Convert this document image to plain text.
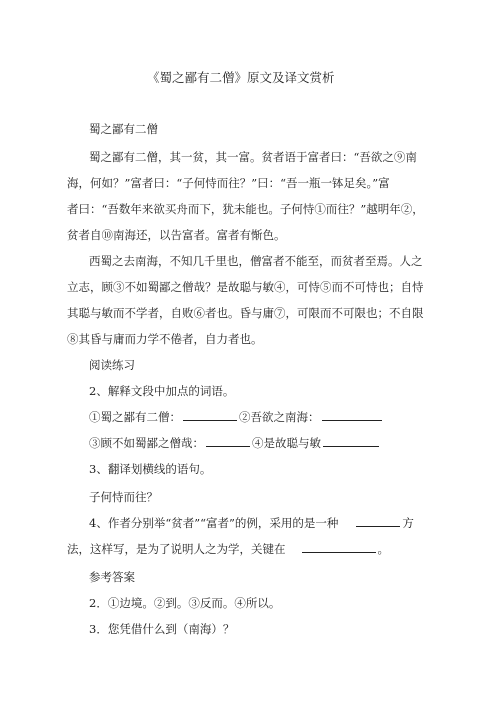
《蜀之鄙有二僧》原文及译文赏析

蜀之鄙有二僧

蜀之鄙有二僧，其一贫，其一富。贫者语于富者曰：“吾欲之⑨南

海，何如？”富者曰：“子何恃而往？”曰：“吾一瓶一钵足矣。”富

者曰：“吾数年来欲买舟而下，犹未能也。子何恃①而往？”越明年②，

贫者自⑩南海还，以告富者。富者有惭色。

西蜀之去南海，不知几千里也，僧富者不能至，而贫者至焉。人之

立志，顾③不如蜀鄙之僧哉？是故聪与敏④，可恃⑤而不可恃也；自恃

其聪与敏而不学者，自败⑥者也。昏与庸⑦，可限而不可限也；不自限

⑧其昏与庸而力学不倦者，自力者也。

阅读练习

2、解释文段中加点的词语。

①蜀之鄙有二僧：	②吾欲之南海：

③顾不如蜀鄙之僧哉：	④是故聪与敏

3、翻译划横线的语句。

子何恃而往？

4、作者分别举“贫者”“富者”的例，采用的是一种	方

法，这样写，是为了说明人之为学，关键在	。

参考答案

2．①边境。②到。③反而。④所以。

3．您凭借什么到（南海）？
